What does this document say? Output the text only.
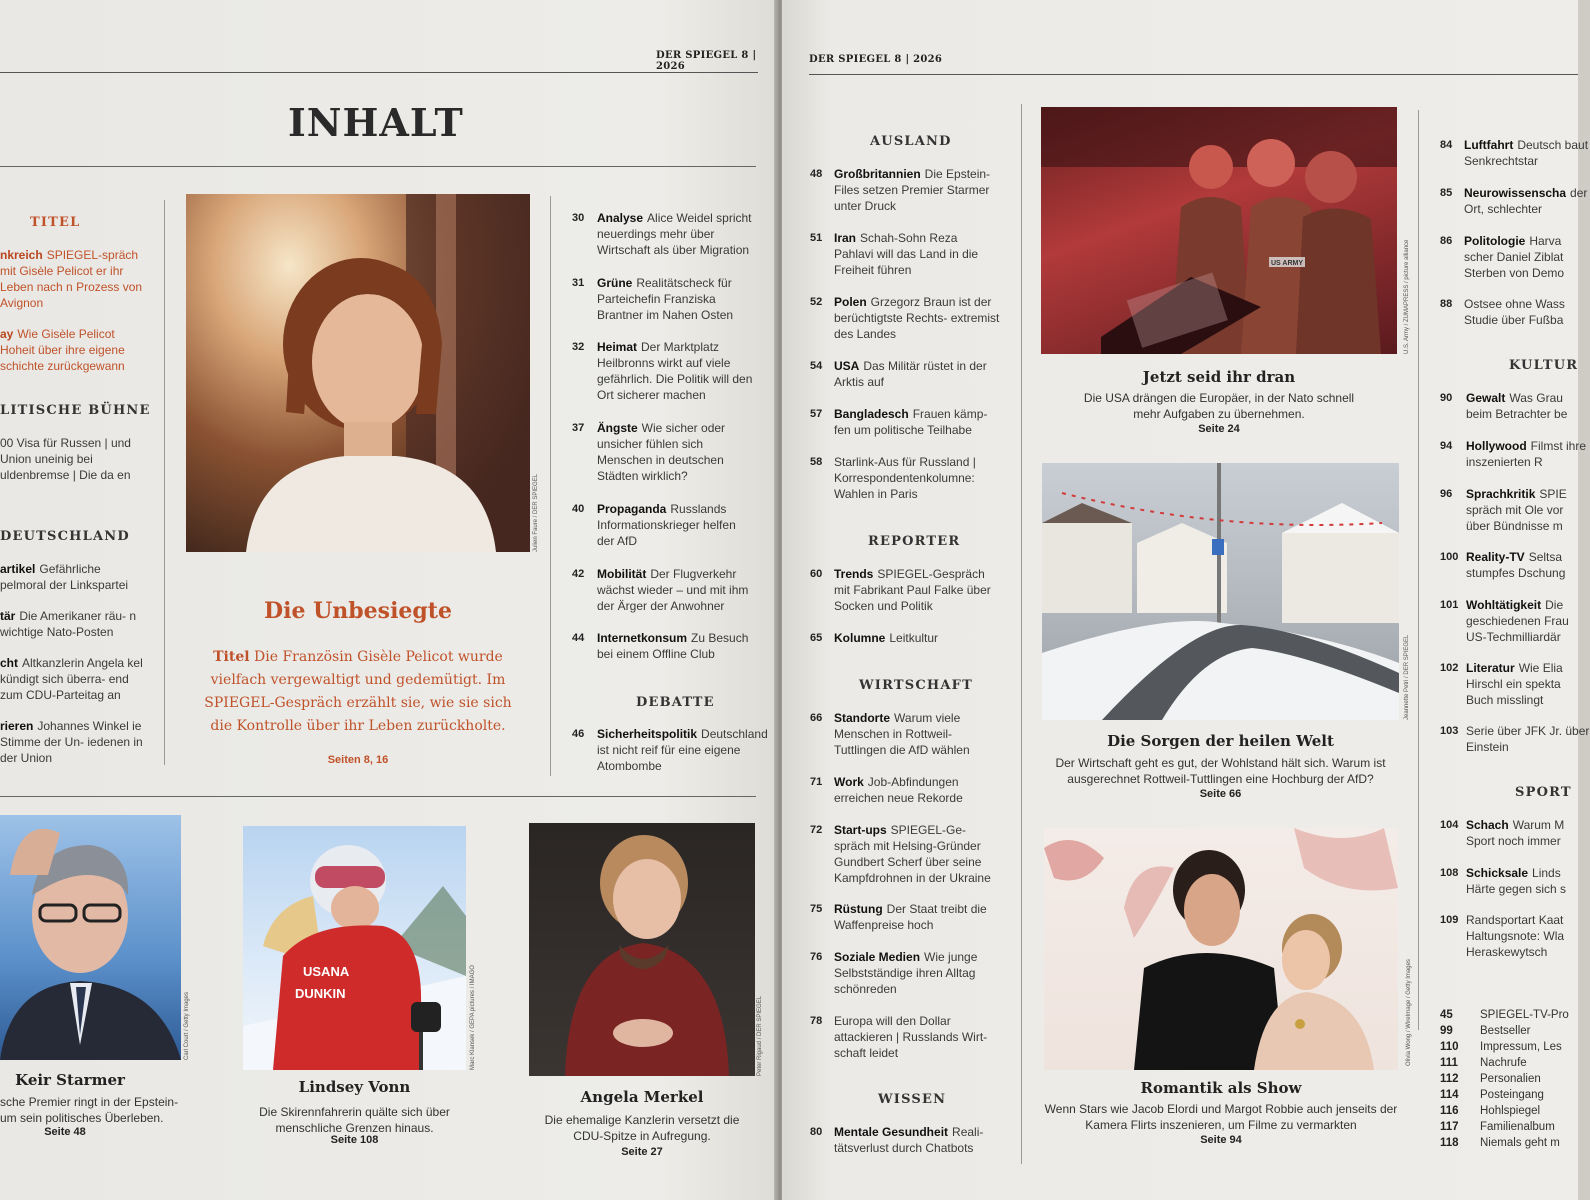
DER SPIEGEL 8 | 2026
INHALT
TITEL
nkreich SPIEGEL-spräch mit Gisèle Pelicot er ihr Leben nach n Prozess von Avignon
ay Wie Gisèle Pelicot Hoheit über ihre eigene schichte zurückgewann
LITISCHE BÜHNE
00 Visa für Russen | und Union uneinig bei uldenbremse | Die da en
DEUTSCHLAND
artikel Gefährliche pelmoral der Linkspartei
tär Die Amerikaner räu- n wichtige Nato-Posten
cht Altkanzlerin Angela kel kündigt sich überra- end zum CDU-Parteitag an
rieren Johannes Winkel ie Stimme der Un- iedenen in der Union
Julien Faure / DER SPIEGEL
Die Unbesiegte
Titel Die Französin Gisèle Pelicot wurde vielfach vergewaltigt und gedemütigt. Im SPIEGEL-Gespräch erzählt sie, wie sie sich die Kontrolle über ihr Leben zurückholte.
Seiten 8, 16
30 Analyse Alice Weidel spricht neuerdings mehr über Wirtschaft als über Migration
31 Grüne Realitätscheck für Parteichefin Franziska Brantner im Nahen Osten
32 Heimat Der Marktplatz Heilbronns wirkt auf viele gefährlich. Die Politik will den Ort sicherer machen
37 Ängste Wie sicher oder unsicher fühlen sich Menschen in deutschen Städten wirklich?
40 Propaganda Russlands Informationskrieger helfen der AfD
42 Mobilität Der Flugverkehr wächst wieder – und mit ihm der Ärger der Anwohner
44 Internetkonsum Zu Besuch bei einem Offline Club
DEBATTE
46 Sicherheitspolitik Deutschland ist nicht reif für eine eigene Atombombe
Carl Court / Getty Images
Keir Starmer
sche Premier ringt in der Epstein- um sein politisches Überleben.
Seite 48
USANA
DUNKIN	Marc Klansek / GEPA pictures / IMAGO
Lindsey Vonn
Die Skirennfahrerin quälte sich über menschliche Grenzen hinaus.
Seite 108
Peter Rigaud / DER SPIEGEL
Angela Merkel
Die ehemalige Kanzlerin versetzt die CDU-Spitze in Aufregung.
Seite 27
DER SPIEGEL 8 | 2026
AUSLAND
48 Großbritannien Die Epstein-Files setzen Premier Starmer unter Druck
51 Iran Schah-Sohn Reza Pahlavi will das Land in die Freiheit führen
52 Polen Grzegorz Braun ist der berüchtigtste Rechts- extremist des Landes
54 USA Das Militär rüstet in der Arktis auf
57 Bangladesch Frauen kämp- fen um politische Teilhabe
58 Starlink-Aus für Russland | Korrespondentenkolumne: Wahlen in Paris
REPORTER
60 Trends SPIEGEL-Gespräch mit Fabrikant Paul Falke über Socken und Politik
65 Kolumne Leitkultur
WIRTSCHAFT
66 Standorte Warum viele Menschen in Rottweil- Tuttlingen die AfD wählen
71 Work Job-Abfindungen erreichen neue Rekorde
72 Start-ups SPIEGEL-Ge- spräch mit Helsing-Gründer Gundbert Scherf über seine Kampfdrohnen in der Ukraine
75 Rüstung Der Staat treibt die Waffenpreise hoch
76 Soziale Medien Wie junge Selbstständige ihren Alltag schönreden
78 Europa will den Dollar attackieren | Russlands Wirt- schaft leidet
WISSEN
80 Mentale Gesundheit Reali- tätsverlust durch Chatbots
US ARMY	U.S. Army / ZUMAPRESS / picture alliance
Jetzt seid ihr dran
Die USA drängen die Europäer, in der Nato schnell mehr Aufgaben zu übernehmen.
Seite 24
Jeannette Petri / DER SPIEGEL
Die Sorgen der heilen Welt
Der Wirtschaft geht es gut, der Wohlstand hält sich. Warum ist ausgerechnet Rottweil-Tuttlingen eine Hochburg der AfD?
Seite 66
Olivia Wong / WireImage / Getty Images
Romantik als Show
Wenn Stars wie Jacob Elordi und Margot Robbie auch jenseits der Kamera Flirts inszenieren, um Filme zu vermarkten
Seite 94
84 Luftfahrt Deutsch baut Senkrechtstar
85 Neurowissenscha der Ort, schlechter
86 Politologie Harva scher Daniel Ziblat Sterben von Demo
88 Ostsee ohne Wass Studie über Fußba
KULTUR
90 Gewalt Was Grau beim Betrachter be
94 Hollywood Filmst ihre inszenierten R
96 Sprachkritik SPIE spräch mit Ole vor über Bündnisse m
100 Reality-TV Seltsa stumpfes Dschung
101 Wohltätigkeit Die geschiedenen Frau US-Techmilliardär
102 Literatur Wie Elia Hirschl ein spekta Buch misslingt
103 Serie über JFK Jr. über Einstein
SPORT
104 Schach Warum M Sport noch immer
108 Schicksale Linds Härte gegen sich s
109 Randsportart Kaat Haltungsnote: Wla Heraskewytsch
45 SPIEGEL-TV-Pro
99 Bestseller
110 Impressum, Les
111 Nachrufe
112 Personalien
114 Posteingang
116 Hohlspiegel
117 Familienalbum
118 Niemals geht m
